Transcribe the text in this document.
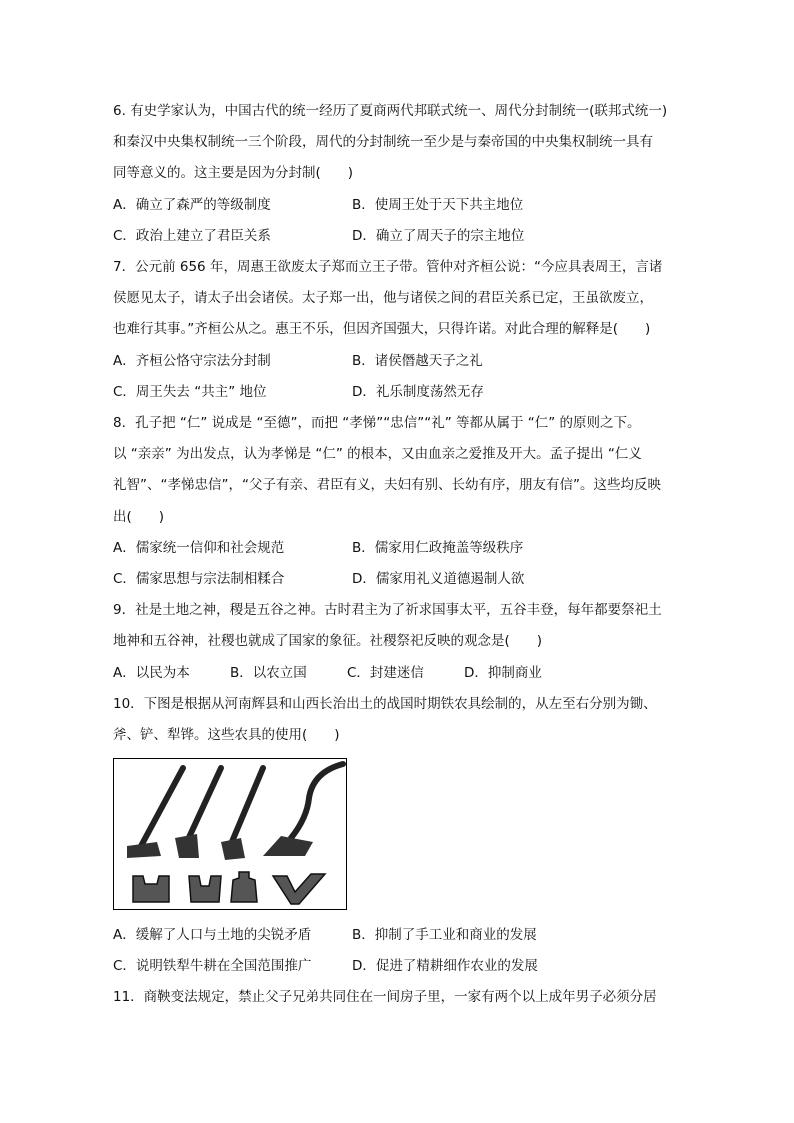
6. 有史学家认为，中国古代的统一经历了夏商两代邦联式统一、周代分封制统一(联邦式统一)
和秦汉中央集权制统一三个阶段，周代的分封制统一至少是与秦帝国的中央集权制统一具有
同等意义的。这主要是因为分封制(　　)
A．确立了森严的等级制度	B．使周王处于天下共主地位
C．政治上建立了君臣关系	D．确立了周天子的宗主地位
7．公元前 656 年，周惠王欲废太子郑而立王子带。管仲对齐桓公说：“今应具表周王，言诸
侯愿见太子，请太子出会诸侯。太子郑一出，他与诸侯之间的君臣关系已定，王虽欲废立，
也难行其事。”齐桓公从之。惠王不乐，但因齐国强大，只得许诺。对此合理的解释是(　　)
A．齐桓公恪守宗法分封制	B．诸侯僭越天子之礼
C．周王失去 “共主” 地位	D．礼乐制度荡然无存
8．孔子把 “仁” 说成是 “至德”，而把 “孝悌”“忠信”“礼” 等都从属于 “仁” 的原则之下。
以 “亲亲” 为出发点，认为孝悌是 “仁” 的根本，又由血亲之爱推及开大。孟子提出 “仁义
礼智”、“孝悌忠信”，“父子有亲、君臣有义，夫妇有别、长幼有序，朋友有信”。这些均反映
出(　　)
A．儒家统一信仰和社会规范	B．儒家用仁政掩盖等级秩序
C．儒家思想与宗法制相糅合	D．儒家用礼义道德遏制人欲
9．社是土地之神，稷是五谷之神。古时君主为了祈求国事太平，五谷丰登，每年都要祭祀土
地神和五谷神，社稷也就成了国家的象征。社稷祭祀反映的观念是(　　)
A．以民为本	B．以农立国	C．封建迷信	D．抑制商业
10．下图是根据从河南辉县和山西长治出土的战国时期铁农具绘制的，从左至右分别为锄、
斧、铲、犁铧。这些农具的使用(　　)
A．缓解了人口与土地的尖锐矛盾	B．抑制了手工业和商业的发展
C．说明铁犁牛耕在全国范围推广	D．促进了精耕细作农业的发展
11．商鞅变法规定，禁止父子兄弟共同住在一间房子里，一家有两个以上成年男子必须分居
